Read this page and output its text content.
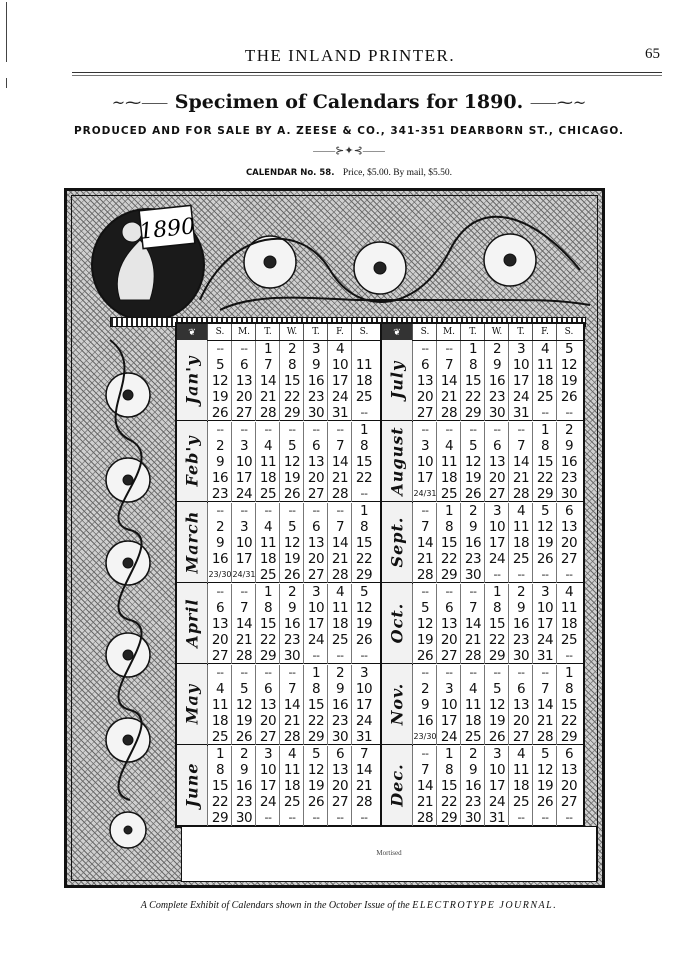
THE INLAND PRINTER.	65
~⁓⸺ Specimen of Calendars for 1890. ⸺⁓~
PRODUCED AND FOR SALE BY A. ZEESE & CO., 341-351 DEARBORN ST., CHICAGO.
——⊱✦⊰——
CALENDAR No. 58. Price, $5.00. By mail, $5.50.
1890
❦	S.	M.	T.	W.	T.	F.	S.
Jan'y
--	--	1	2	3	4
5	6	7	8	9 10 11
12 13 14 15 16 17 18
19 20 21 22 23 24 25
26 27 28 29 30 31	--
Feb'y
--	--	--	--	--	--	1
2	3	4	5	6	7	8
9 10 11 12 13 14 15
16 17 18 19 20 21 22
23 24 25 26 27 28	--
March
--	--	--	--	--	--	1
2	3	4	5	6	7	8
9 10 11 12 13 14 15
16 17 18 19 20 21 22
23/30 24/31 25 26 27 28 29
April
--	--	1	2	3	4	5
6	7	8	9 10 11 12
13 14 15 16 17 18 19
20 21 22 23 24 25 26
27 28 29 30	--	--	--
May
--	--	--	--	1	2	3
4	5	6	7	8	9 10
11 12 13 14 15 16 17
18 19 20 21 22 23 24
25 26 27 28 29 30 31
June
1	2	3	4	5	6	7
8	9 10 11 12 13 14
15 16 17 18 19 20 21
22 23 24 25 26 27 28
29 30	--	--	--	--	--
❦	S.	M.	T.	W.	T.	F.	S.
July
--	--	1	2	3	4	5
6	7	8	9 10 11 12
13 14 15 16 17 18 19
20 21 22 23 24 25 26
27 28 29 30 31	--	--
August	--	--	--	--	--	1	2
3	4	5	6	7	8	9
10 11 12 13 14 15 16
17 18 19 20 21 22 23
24/31 25 26 27 28 29 30
Sept.
--	1	2	3	4	5	6
7	8	9 10 11 12 13
14 15 16 17 18 19 20
21 22 23 24 25 26 27
28 29 30	--	--	--	--
Oct.
--	--	--	1	2	3	4
5	6	7	8	9 10 11
12 13 14 15 16 17 18
19 20 21 22 23 24 25
26 27 28 29 30 31	--
Nov.
--	--	--	--	--	--	1
2	3	4	5	6	7	8
9 10 11 12 13 14 15
16 17 18 19 20 21 22
23/30 24 25 26 27 28 29
Dec.
--	1	2	3	4	5	6
7	8	9 10 11 12 13
14 15 16 17 18 19 20
21 22 23 24 25 26 27
28 29 30 31	--	--	--
Mortised
A Complete Exhibit of Calendars shown in the October Issue of the ELECTROTYPE JOURNAL.
